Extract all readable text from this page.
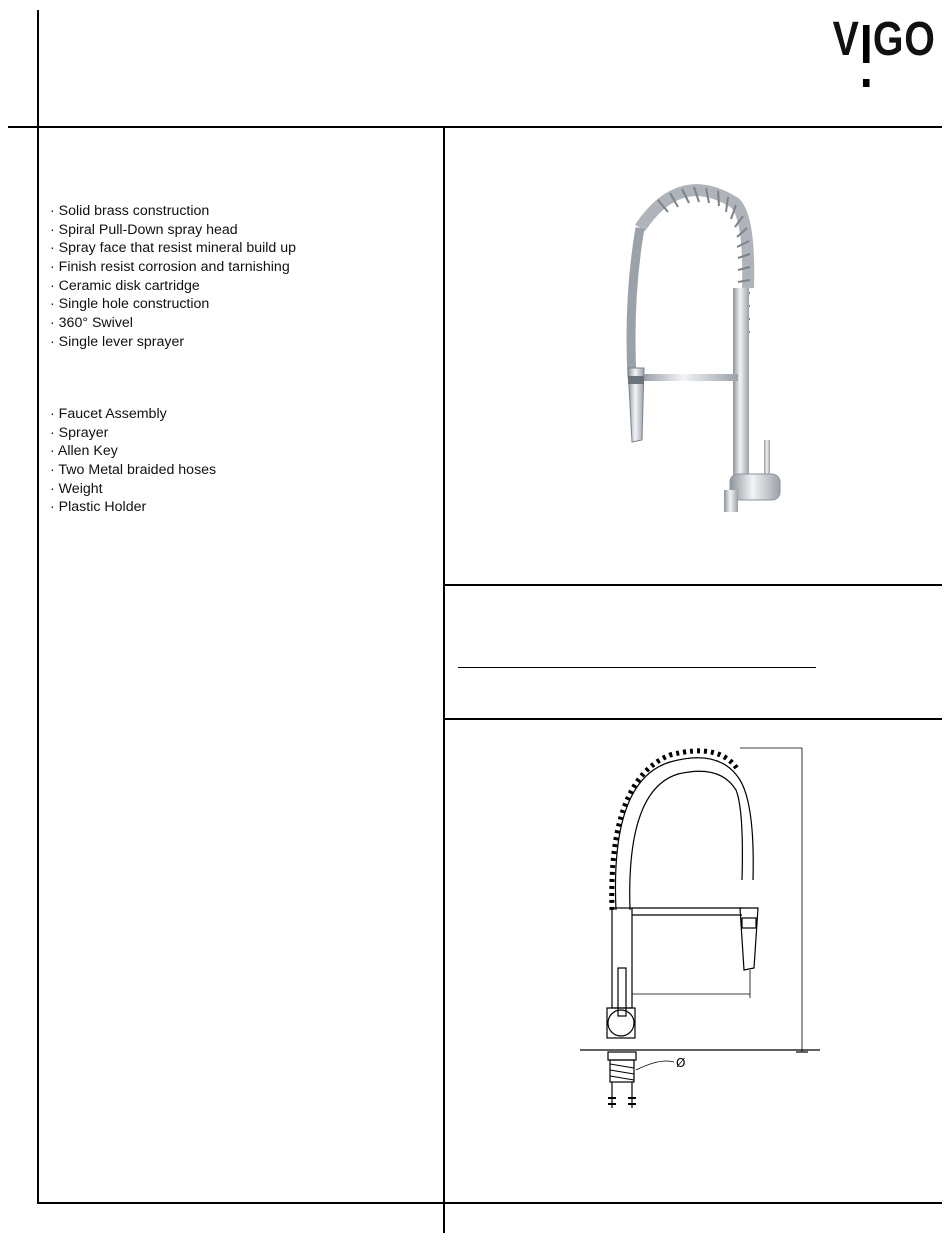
V GO
· Solid brass construction
· Spiral Pull-Down spray head
· Spray face that resist mineral build up
· Finish resist corrosion and tarnishing
· Ceramic disk cartridge
· Single hole construction
· 360° Swivel
· Single lever sprayer
· Faucet Assembly
· Sprayer
· Allen Key
· Two Metal braided hoses
· Weight
· Plastic Holder
Ø
